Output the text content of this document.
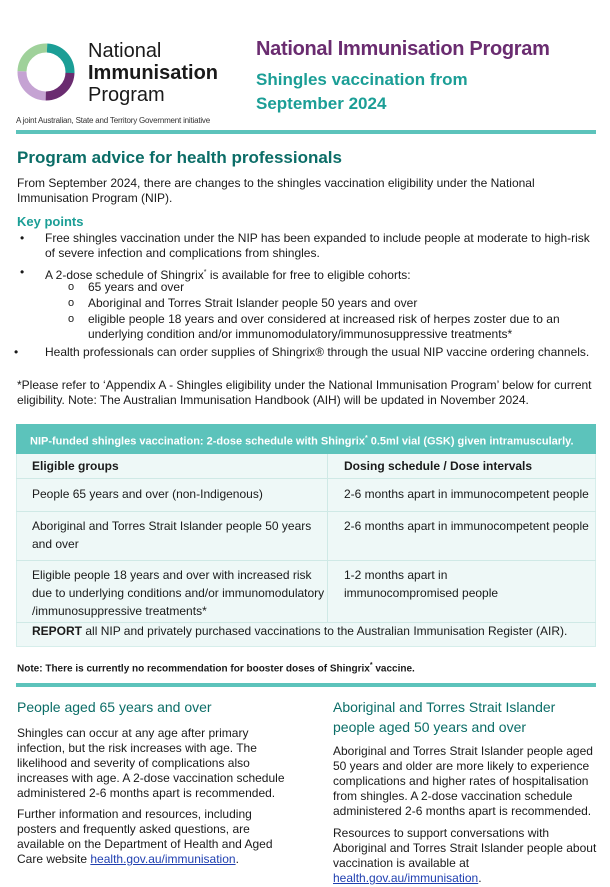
National
Immunisation
Program
A joint Australian, State and Territory Government initiative
National Immunisation Program
Shingles vaccination from
September 2024
Program advice for health professionals
From September 2024, there are changes to the shingles vaccination eligibility under the National Immunisation Program (NIP).
Key points
• Free shingles vaccination under the NIP has been expanded to include people at moderate to high-risk of severe infection and complications from shingles.
• A 2-dose schedule of Shingrix* is available for free to eligible cohorts:
o 65 years and over
o Aboriginal and Torres Strait Islander people 50 years and over
o eligible people 18 years and over considered at increased risk of herpes zoster due to an underlying condition and/or immunomodulatory/immunosuppressive treatments*
• Health professionals can order supplies of Shingrix® through the usual NIP vaccine ordering channels.
*Please refer to ‘Appendix A - Shingles eligibility under the National Immunisation Program’ below for current eligibility. Note: The Australian Immunisation Handbook (AIH) will be updated in November 2024.
NIP-funded shingles vaccination: 2-dose schedule with Shingrix* 0.5ml vial (GSK) given intramuscularly.
Eligible groups	Dosing schedule / Dose intervals
People 65 years and over (non-Indigenous)	2-6 months apart in immunocompetent people
Aboriginal and Torres Strait Islander people 50 years and over
2-6 months apart in immunocompetent people
Eligible people 18 years and over with increased risk due to underlying conditions and/or immunomodulatory /immunosuppressive treatments*
1-2 months apart in immunocompromised people
REPORT all NIP and privately purchased vaccinations to the Australian Immunisation Register (AIR).
Note: There is currently no recommendation for booster doses of Shingrix* vaccine.
People aged 65 years and over
Shingles can occur at any age after primary infection, but the risk increases with age. The likelihood and severity of complications also increases with age. A 2-dose vaccination schedule administered 2-6 months apart is recommended.
Further information and resources, including posters and frequently asked questions, are available on the Department of Health and Aged Care website health.gov.au/immunisation.
Aboriginal and Torres Strait Islander people aged 50 years and over
Aboriginal and Torres Strait Islander people aged 50 years and older are more likely to experience complications and higher rates of hospitalisation from shingles. A 2-dose vaccination schedule administered 2-6 months apart is recommended.
Resources to support conversations with Aboriginal and Torres Strait Islander people about vaccination is available at health.gov.au/immunisation.
